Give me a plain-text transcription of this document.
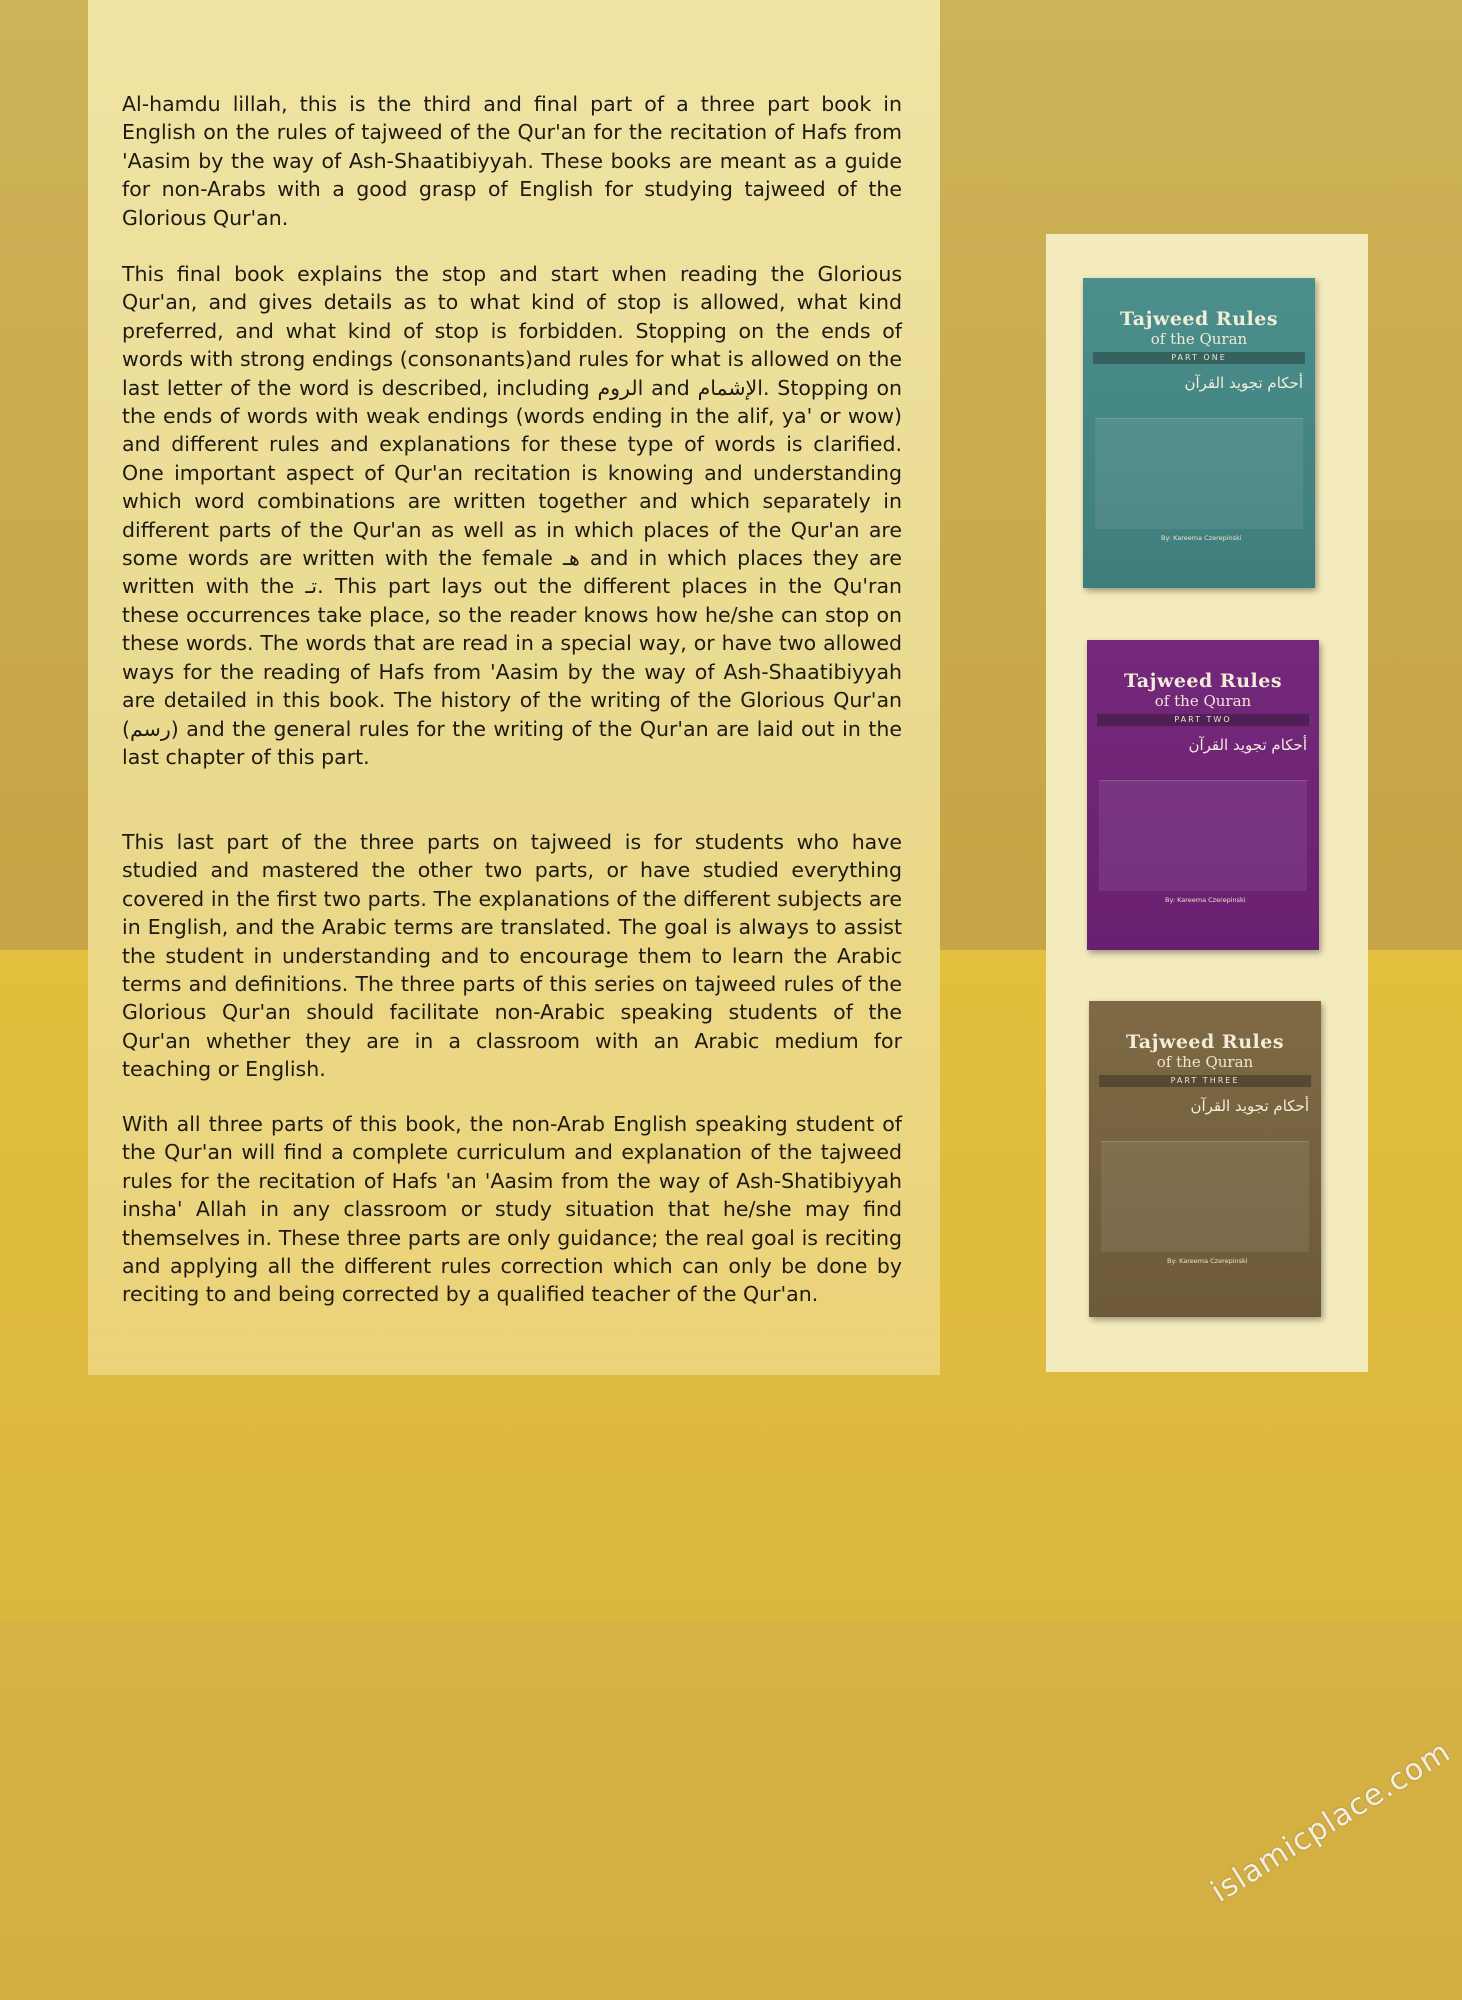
Al-hamdu lillah, this is the third and final part of a three part book in English on the rules of tajweed of the Qur'an for the recitation of Hafs from 'Aasim by the way of Ash-Shaatibiyyah. These books are meant as a guide for non-Arabs with a good grasp of English for studying tajweed of the Glorious Qur'an.

This final book explains the stop and start when reading the Glorious Qur'an, and gives details as to what kind of stop is allowed, what kind preferred, and what kind of stop is forbidden. Stopping on the ends of words with strong endings (consonants)and rules for what is allowed on the last letter of the word is described, including الروم and الإشمام. Stopping on the ends of words with weak endings (words ending in the alif, ya' or wow) and different rules and explanations for these type of words is clarified. One important aspect of Qur'an recitation is knowing and understanding which word combinations are written together and which separately in different parts of the Qur'an as well as in which places of the Qur'an are some words are written with the female هـ and in which places they are written with the تـ. This part lays out the different places in the Qu'ran these occurrences take place, so the reader knows how he/she can stop on these words. The words that are read in a special way, or have two allowed ways for the reading of Hafs from 'Aasim by the way of Ash-Shaatibiyyah are detailed in this book. The history of the writing of the Glorious Qur'an (رسم) and the general rules for the writing of the Qur'an are laid out in the last chapter of this part.

This last part of the three parts on tajweed is for students who have studied and mastered the other two parts, or have studied everything covered in the first two parts. The explanations of the different subjects are in English, and the Arabic terms are translated. The goal is always to assist the student in understanding and to encourage them to learn the Arabic terms and definitions. The three parts of this series on tajweed rules of the Glorious Qur'an should facilitate non-Arabic speaking students of the Qur'an whether they are in a classroom with an Arabic medium for teaching or English.

With all three parts of this book, the non-Arab English speaking student of the Qur'an will find a complete curriculum and explanation of the tajweed rules for the recitation of Hafs 'an 'Aasim from the way of Ash-Shatibiyyah insha' Allah in any classroom or study situation that he/she may find themselves in. These three parts are only guidance; the real goal is reciting and applying all the different rules correction which can only be done by reciting to and being corrected by a qualified teacher of the Qur'an.

Tajweed Rules
of the Quran
PART ONE
أحكام تجويد القرآن
By: Kareema Czerepinski
Tajweed Rules
of the Quran
PART TWO
أحكام تجويد القرآن
By: Kareema Czerepinski
Tajweed Rules
of the Quran
PART THREE
أحكام تجويد القرآن
By: Kareema Czerepinski
islamicplace.com
